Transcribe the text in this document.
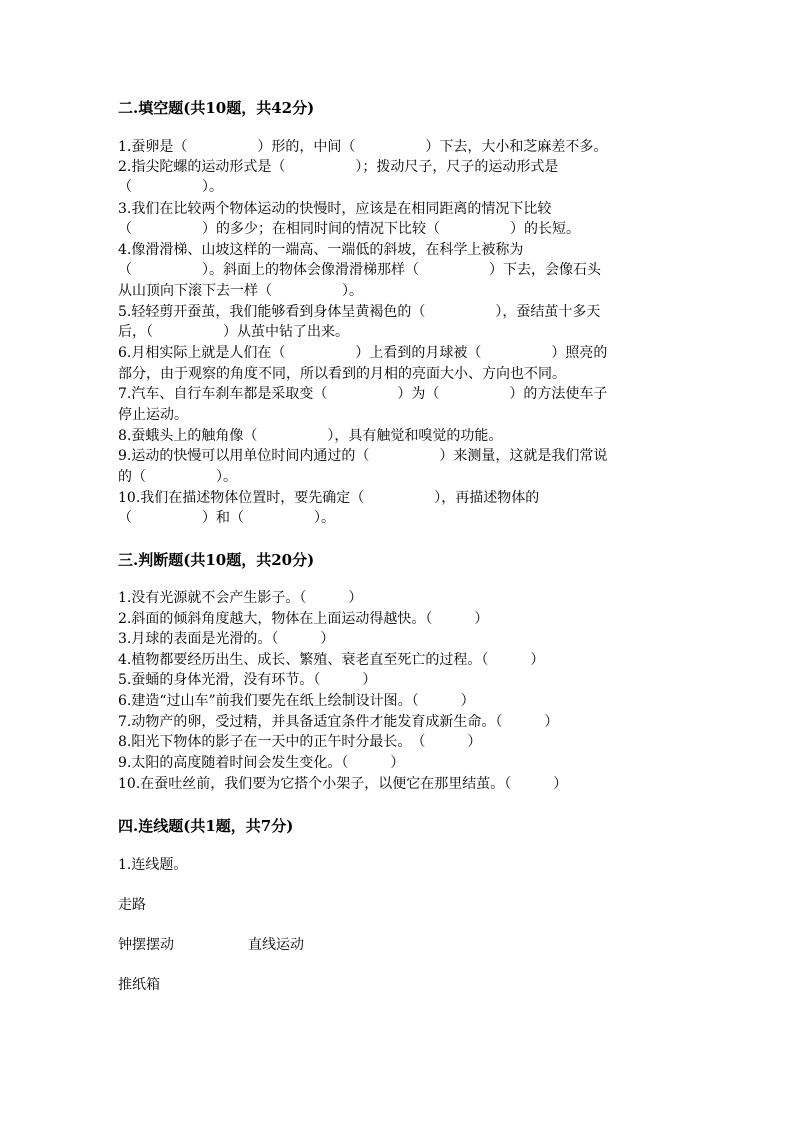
二.填空题(共10题，共42分)
1.蚕卵是（　　　　　）形的，中间（　　　　　）下去，大小和芝麻差不多。
2.指尖陀螺的运动形式是（　　　　　）；拨动尺子，尺子的运动形式是
（　　　　　）。
3.我们在比较两个物体运动的快慢时，应该是在相同距离的情况下比较
（　　　　　）的多少；在相同时间的情况下比较（　　　　　）的长短。
4.像滑滑梯、山坡这样的一端高、一端低的斜坡，在科学上被称为
（　　　　　）。斜面上的物体会像滑滑梯那样（　　　　　）下去，会像石头
从山顶向下滚下去一样（　　　　　）。
5.轻轻剪开蚕茧，我们能够看到身体呈黄褐色的（　　　　　），蚕结茧十多天
后，（　　　　　）从茧中钻了出来。
6.月相实际上就是人们在（　　　　　）上看到的月球被（　　　　　）照亮的
部分，由于观察的角度不同，所以看到的月相的亮面大小、方向也不同。
7.汽车、自行车刹车都是采取变（　　　　　）为（　　　　　）的方法使车子
停止运动。
8.蚕蛾头上的触角像（　　　　　），具有触觉和嗅觉的功能。
9.运动的快慢可以用单位时间内通过的（　　　　　）来测量，这就是我们常说
的（　　　　　）。
10.我们在描述物体位置时，要先确定（　　　　　），再描述物体的
（　　　　　）和（　　　　　）。
三.判断题(共10题，共20分)
1.没有光源就不会产生影子。（　　　）
2.斜面的倾斜角度越大，物体在上面运动得越快。（　　　）
3.月球的表面是光滑的。（　　　）
4.植物都要经历出生、成长、繁殖、衰老直至死亡的过程。（　　　）
5.蚕蛹的身体光滑，没有环节。（　　　）
6.建造“过山车”前我们要先在纸上绘制设计图。（　　　）
7.动物产的卵，受过精，并具备适宜条件才能发育成新生命。（　　　）
8.阳光下物体的影子在一天中的正午时分最长。　（　　　）
9.太阳的高度随着时间会发生变化。（　　　）
10.在蚕吐丝前，我们要为它搭个小架子，以便它在那里结茧。（　　　）
四.连线题(共1题，共7分)
1.连线题。
走路
钟摆摆动	直线运动
推纸箱
